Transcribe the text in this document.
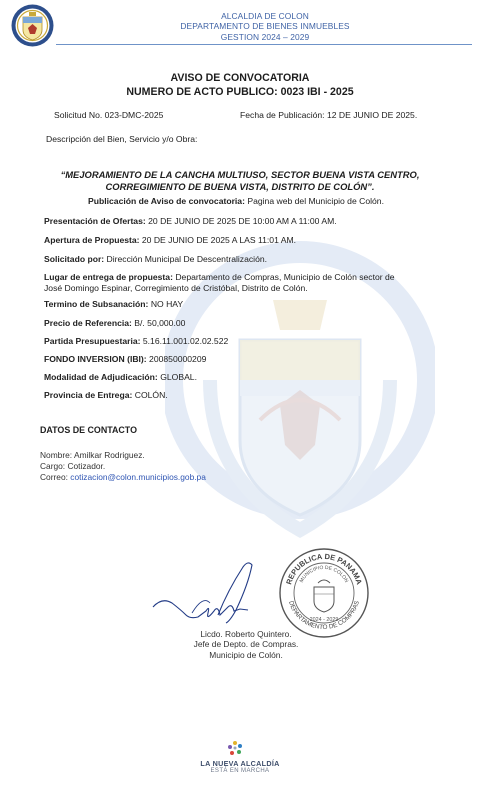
ALCALDIA DE COLON
DEPARTAMENTO DE BIENES INMUEBLES
GESTION 2024 – 2029
AVISO DE CONVOCATORIA
NUMERO DE ACTO PUBLICO: 0023 IBI - 2025
Solicitud No. 023-DMC-2025	Fecha de Publicación: 12 DE JUNIO DE 2025.
Descripción del Bien, Servicio y/o Obra:
“MEJORAMIENTO DE LA CANCHA MULTIUSO, SECTOR BUENA VISTA CENTRO, CORREGIMIENTO DE BUENA VISTA, DISTRITO DE COLÓN”.
Publicación de Aviso de convocatoria: Pagina web del Municipio de Colón.
Presentación de Ofertas: 20 DE JUNIO DE 2025 DE 10:00 AM A 11:00 AM.
Apertura de Propuesta: 20 DE JUNIO DE 2025 A LAS 11:01 AM.
Solicitado por: Dirección Municipal De Descentralización.
Lugar de entrega de propuesta: Departamento de Compras, Municipio de Colón sector de
José Domingo Espinar, Corregimiento de Cristóbal, Distrito de Colón.
Termino de Subsanación: NO HAY
Precio de Referencia: B/. 50,000.00
Partida Presupuestaria: 5.16.11.001.02.02.522
FONDO INVERSION (IBI): 200850000209
Modalidad de Adjudicación: GLOBAL.
Provincia de Entrega: COLÓN.
DATOS DE CONTACTO
Nombre: Amilkar Rodriguez.
Cargo: Cotizador.
Correo: cotizacion@colon.municipios.gob.pa
REPUBLICA DE PANAMA
MUNICIPIO DE COLON
DEPARTAMENTO DE COMPRAS
2024 - 2029
Licdo. Roberto Quintero.
Jefe de Depto. de Compras.
Municipio de Colón.
LA NUEVA ALCALDÍA
ESTÁ EN MARCHA
